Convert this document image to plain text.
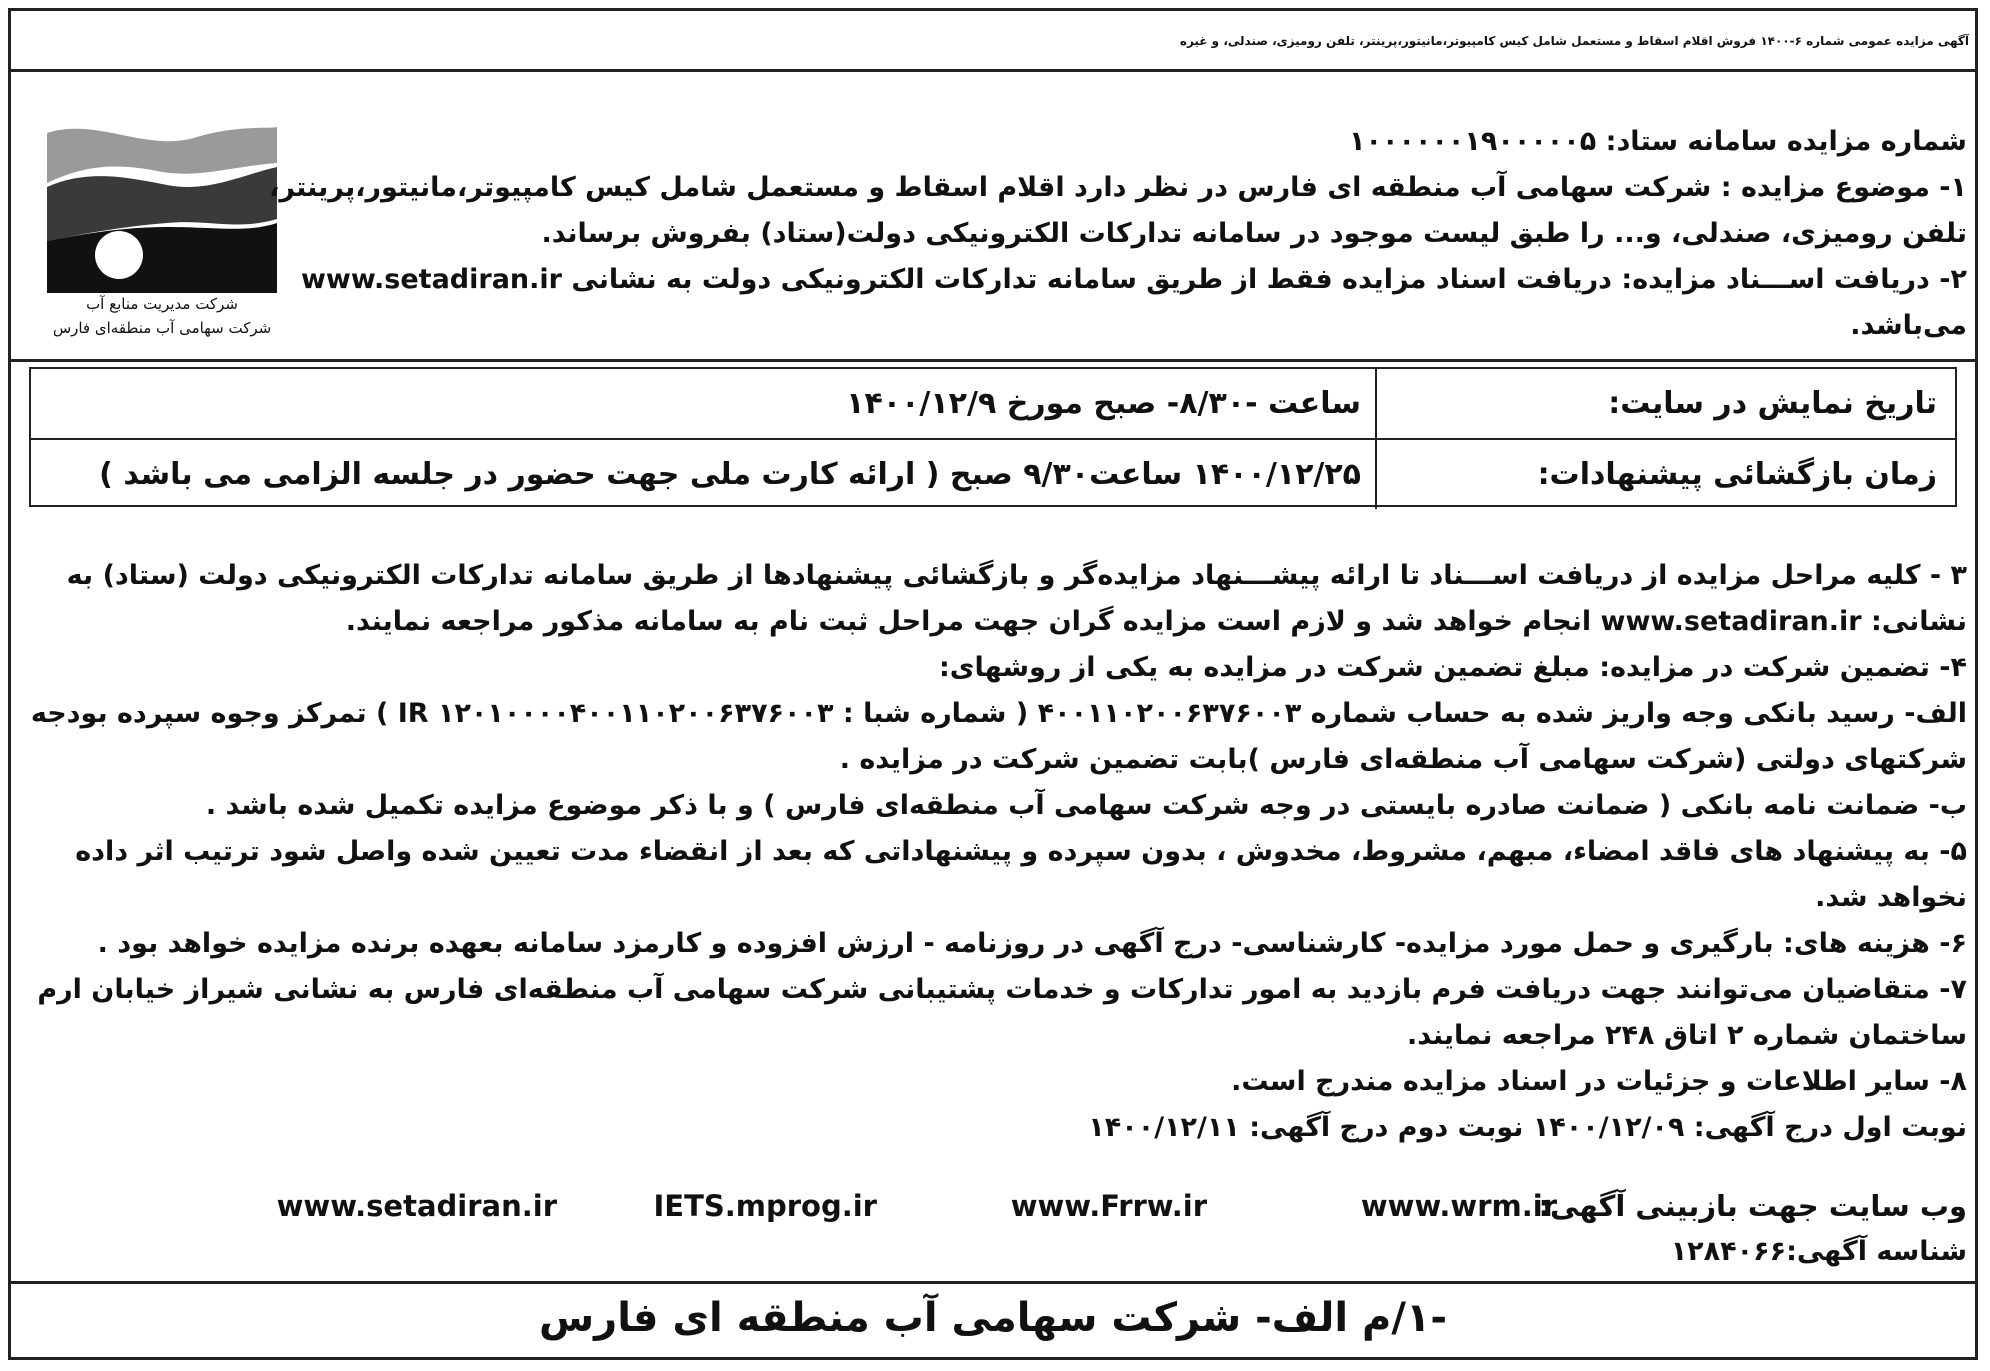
آگهی مزایده عمومی شماره ۶-۱۴۰۰ فروش اقلام اسقاط و مستعمل شامل کیس کامپیوتر،مانیتور،پرینتر، تلفن رومیزی، صندلی، و غیره
شرکت مدیریت منابع آب
شرکت سهامی آب منطقه‌ای فارس
شماره مزایده سامانه ستاد: ۱۰۰۰۰۰۰۱۹۰۰۰۰۰۵
۱- موضوع مزایده : شرکت سهامی آب منطقه ای فارس در نظر دارد اقلام اسقاط و مستعمل شامل کیس کامپیوتر،مانیتور،پرینتر،
تلفن رومیزی، صندلی، و... را طبق لیست موجود در سامانه تدارکات الکترونیکی دولت(ستاد) بفروش برساند.
۲- دریافت اســـناد مزایده: دریافت اسناد مزایده فقط از طریق سامانه تدارکات الکترونیکی دولت به نشانی www.setadiran.ir
می‌باشد.
تاریخ نمایش در سایت:
ساعت -۸/۳۰- صبح مورخ ۱۴۰۰/۱۲/۹
زمان بازگشائی پیشنهادات:
۱۴۰۰/۱۲/۲۵ ساعت۹/۳۰ صبح ( ارائه کارت ملی جهت حضور در جلسه الزامی می باشد )
۳ - کلیه مراحل مزایده از دریافت اســـناد تا ارائه پیشـــنهاد مزایده‌گر و بازگشائی پیشنهادها از طریق سامانه تدارکات الکترونیکی دولت (ستاد) به
نشانی: www.setadiran.ir انجام خواهد شد و لازم است مزایده گران جهت مراحل ثبت نام به سامانه مذکور مراجعه نمایند.
۴- تضمین شرکت در مزایده: مبلغ تضمین شرکت در مزایده به یکی از روشهای:
الف- رسید بانکی وجه واریز شده به حساب شماره ۴۰۰۱۱۰۲۰۰۶۳۷۶۰۰۳ ( شماره شبا : IR ۱۲۰۱۰۰۰۰۴۰۰۱۱۰۲۰۰۶۳۷۶۰۰۳ ) تمرکز وجوه سپرده بودجه
شرکتهای دولتی (شرکت سهامی آب منطقه‌ای فارس )بابت تضمین شرکت در مزایده .
ب- ضمانت نامه بانکی ( ضمانت صادره بایستی در وجه شرکت سهامی آب منطقه‌ای فارس ) و با ذکر موضوع مزایده تکمیل شده باشد .
۵- به پیشنهاد های فاقد امضاء، مبهم، مشروط، مخدوش ، بدون سپرده و پیشنهاداتی که بعد از انقضاء مدت تعیین شده واصل شود ترتیب اثر داده
نخواهد شد.
۶- هزینه های: بارگیری و حمل مورد مزایده- کارشناسی- درج آگهی در روزنامه - ارزش افزوده و کارمزد سامانه بعهده برنده مزایده خواهد بود .
۷- متقاضیان می‌توانند جهت دریافت فرم بازدید به امور تدارکات و خدمات پشتیبانی شرکت سهامی آب منطقه‌ای فارس به نشانی شیراز خیابان ارم
ساختمان شماره ۲ اتاق ۲۴۸ مراجعه نمایند.
۸- سایر اطلاعات و جزئیات در اسناد مزایده مندرج است.
نوبت اول درج آگهی: ۱۴۰۰/۱۲/۰۹ نوبت دوم درج آگهی: ۱۴۰۰/۱۲/۱۱
وب سایت جهت بازبینی آگهی:
www.wrm.ir
www.Frrw.ir
IETS.mprog.ir
www.setadiran.ir
شناسه آگهی:۱۲۸۴۰۶۶
-۱/م الف- شرکت سهامی آب منطقه ای فارس
